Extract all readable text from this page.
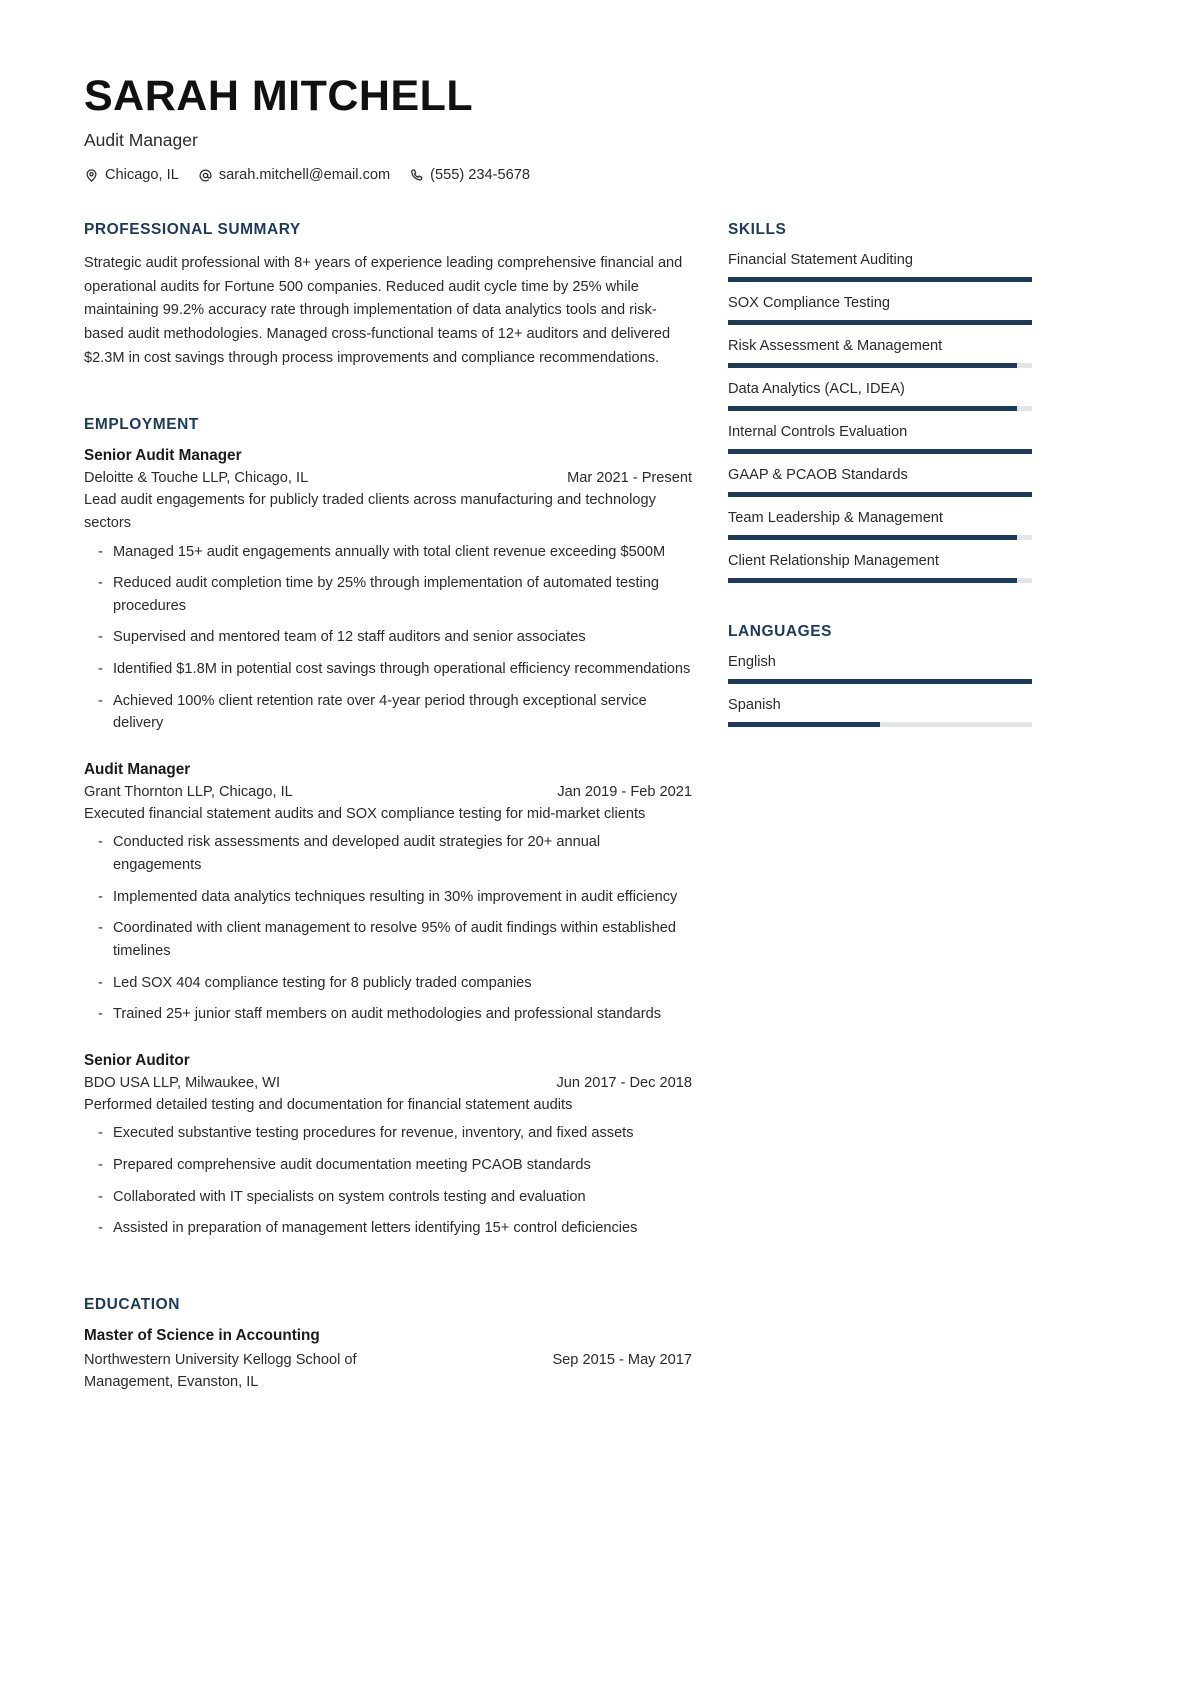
SARAH MITCHELL
Audit Manager
Chicago, IL	sarah.mitchell@email.com	(555) 234-5678
PROFESSIONAL SUMMARY
Strategic audit professional with 8+ years of experience leading comprehensive financial and operational audits for Fortune 500 companies. Reduced audit cycle time by 25% while maintaining 99.2% accuracy rate through implementation of data analytics tools and risk-based audit methodologies. Managed cross-functional teams of 12+ auditors and delivered $2.3M in cost savings through process improvements and compliance recommendations.
EMPLOYMENT
Senior Audit Manager
Deloitte & Touche LLP, Chicago, IL	Mar 2021 - Present
Lead audit engagements for publicly traded clients across manufacturing and technology sectors
- Managed 15+ audit engagements annually with total client revenue exceeding $500M
- Reduced audit completion time by 25% through implementation of automated testing procedures
- Supervised and mentored team of 12 staff auditors and senior associates
- Identified $1.8M in potential cost savings through operational efficiency recommendations
- Achieved 100% client retention rate over 4-year period through exceptional service delivery
Audit Manager
Grant Thornton LLP, Chicago, IL	Jan 2019 - Feb 2021
Executed financial statement audits and SOX compliance testing for mid-market clients
- Conducted risk assessments and developed audit strategies for 20+ annual engagements
- Implemented data analytics techniques resulting in 30% improvement in audit efficiency
- Coordinated with client management to resolve 95% of audit findings within established timelines
- Led SOX 404 compliance testing for 8 publicly traded companies
- Trained 25+ junior staff members on audit methodologies and professional standards
Senior Auditor
BDO USA LLP, Milwaukee, WI	Jun 2017 - Dec 2018
Performed detailed testing and documentation for financial statement audits
- Executed substantive testing procedures for revenue, inventory, and fixed assets
- Prepared comprehensive audit documentation meeting PCAOB standards
- Collaborated with IT specialists on system controls testing and evaluation
- Assisted in preparation of management letters identifying 15+ control deficiencies
EDUCATION
Master of Science in Accounting
Northwestern University Kellogg School of Management, Evanston, IL
Sep 2015 - May 2017
SKILLS
Financial Statement Auditing
SOX Compliance Testing
Risk Assessment & Management
Data Analytics (ACL, IDEA)
Internal Controls Evaluation
GAAP & PCAOB Standards
Team Leadership & Management
Client Relationship Management
LANGUAGES
English
Spanish
